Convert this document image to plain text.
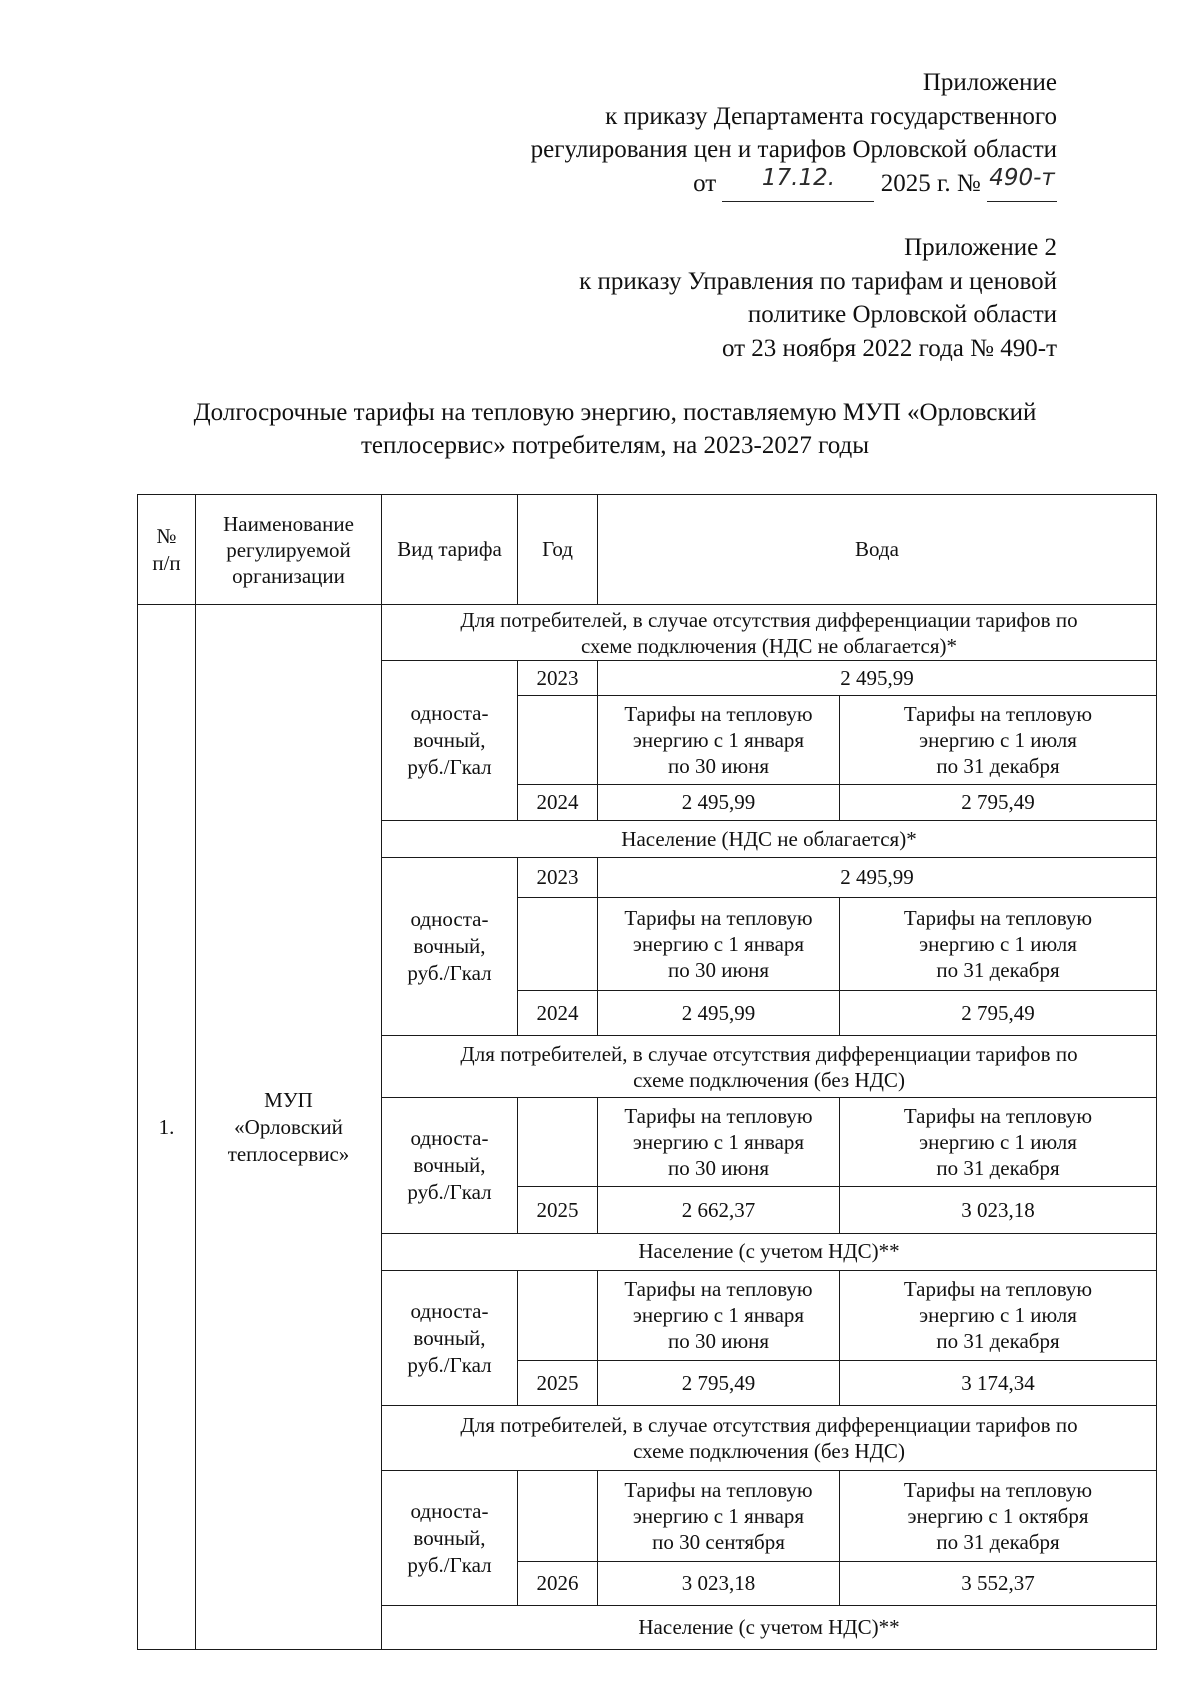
Приложение
к приказу Департамента государственного
регулирования цен и тарифов Орловской области
от 17.12. 2025 г. № 490-т
Приложение 2
к приказу Управления по тарифам и ценовой
политике Орловской области
от 23 ноября 2022 года № 490-т
Долгосрочные тарифы на тепловую энергию, поставляемую МУП «Орловский
теплосервис» потребителям, на 2023-2027 годы
№
п/п	Наименование
регулируемой
организации	Вид тарифа	Год	Вода	
1.	МУП
«Орловский
теплосервис»	Для потребителей, в случае отсутствия дифференциации тарифов по
схеме подключения (НДС не облагается)*			
		односта-
вочный,
руб./Гкал	2023	2 495,99	
				Тарифы на тепловую
энергию с 1 января
по 30 июня	Тарифы на тепловую
энергию с 1 июля
по 31 декабря
			2024	2 495,99	2 795,49
		Население (НДС не облагается)*			
		односта-
вочный,
руб./Гкал	2023	2 495,99	
				Тарифы на тепловую
энергию с 1 января
по 30 июня	Тарифы на тепловую
энергию с 1 июля
по 31 декабря
			2024	2 495,99	2 795,49
		Для потребителей, в случае отсутствия дифференциации тарифов по
схеме подключения (без НДС)			
		односта-
вочный,
руб./Гкал		Тарифы на тепловую
энергию с 1 января
по 30 июня	Тарифы на тепловую
энергию с 1 июля
по 31 декабря
			2025	2 662,37	3 023,18
		Население (с учетом НДС)**			
		односта-
вочный,
руб./Гкал		Тарифы на тепловую
энергию с 1 января
по 30 июня	Тарифы на тепловую
энергию с 1 июля
по 31 декабря
			2025	2 795,49	3 174,34
		Для потребителей, в случае отсутствия дифференциации тарифов по
схеме подключения (без НДС)			
		односта-
вочный,
руб./Гкал		Тарифы на тепловую
энергию с 1 января
по 30 сентября	Тарифы на тепловую
энергию с 1 октября
по 31 декабря
			2026	3 023,18	3 552,37
		Население (с учетом НДС)**			
